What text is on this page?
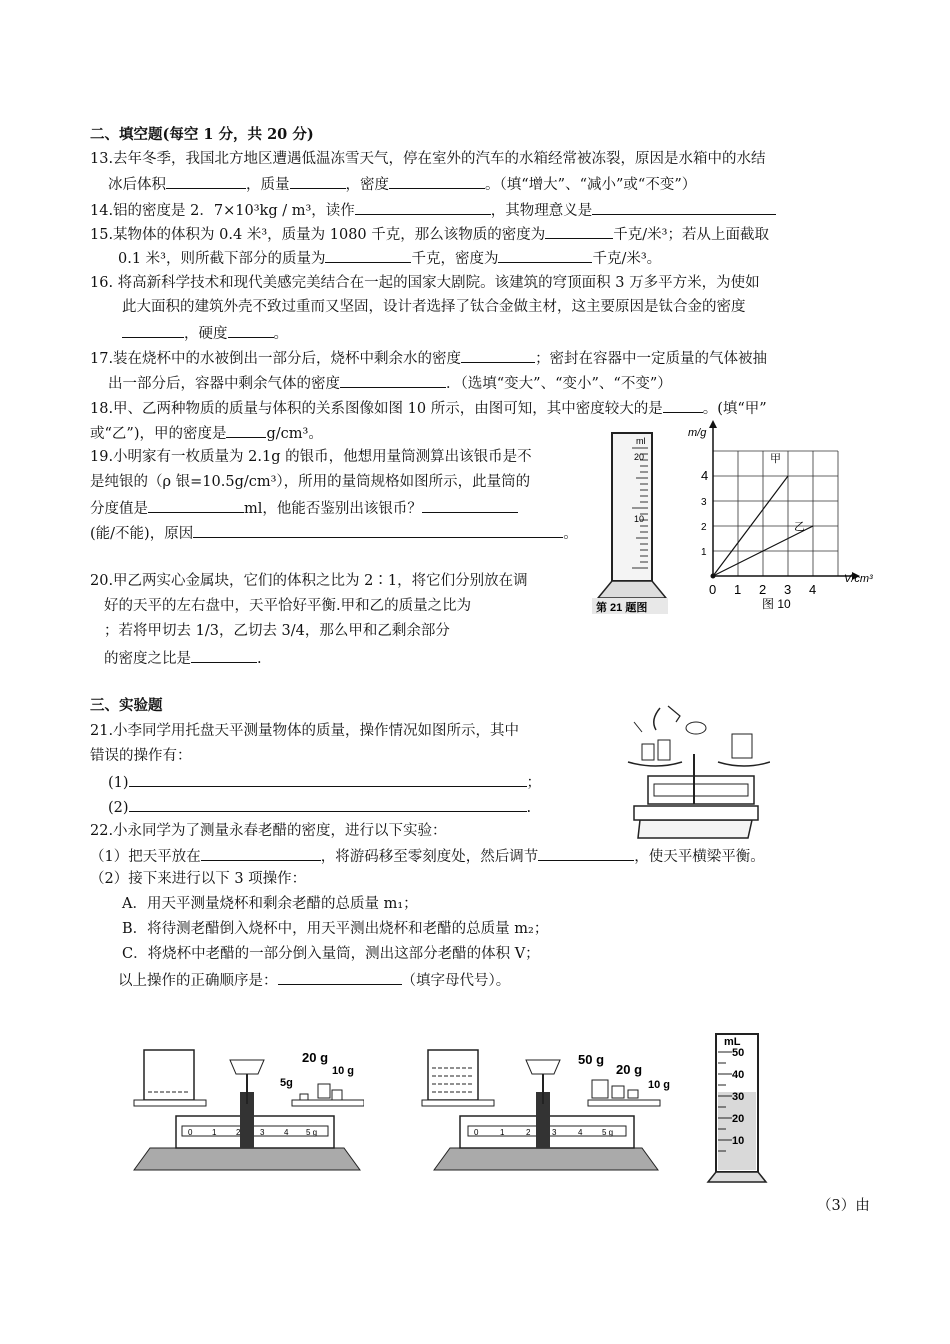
二、填空题(每空 1 分，共 20 分)
13.去年冬季，我国北方地区遭遇低温冻雪天气，停在室外的汽车的水箱经常被冻裂，原因是水箱中的水结
冰后体积	，质量	，密度	。（填“增大”、“减小”或“不变”）
14.铝的密度是 2．7×10³kg / m³，读作	，其物理意义是
15.某物体的体积为 0.4 米³，质量为 1080 千克，那么该物质的密度为	千克/米³；若从上面截取
0.1 米³，则所截下部分的质量为	千克，密度为	千克/米³。
16. 将高新科学技术和现代美感完美结合在一起的国家大剧院。该建筑的穹顶面积 3 万多平方米，为使如
此大面积的建筑外壳不致过重而又坚固，设计者选择了钛合金做主材，这主要原因是钛合金的密度
，硬度	。
17.装在烧杯中的水被倒出一部分后，烧杯中剩余水的密度	；密封在容器中一定质量的气体被抽
出一部分后，容器中剩余气体的密度	．（选填“变大”、“变小”、“不变”）
18.甲、乙两种物质的质量与体积的关系图像如图 10 所示，由图可知，其中密度较大的是	。(填“甲”
或“乙”)，甲的密度是	g/cm³。
19.小明家有一枚质量为 2.1g 的银币，他想用量筒测算出该银币是不
是纯银的（ρ 银=10.5g/cm³），所用的量筒规格如图所示，此量筒的
分度值是	ml，他能否鉴别出该银币？
(能/不能)，原因	。
20.甲乙两实心金属块，它们的体积之比为 2∶1，将它们分别放在调
好的天平的左右盘中，天平恰好平衡.甲和乙的质量之比为
；若将甲切去 1/3，乙切去 3/4，那么甲和乙剩余部分
的密度之比是	.
三、实验题
21.小李同学用托盘天平测量物体的质量，操作情况如图所示，其中
错误的操作有：
(1)	；
(2)	.
22.小永同学为了测量永春老醋的密度，进行以下实验：
（1）把天平放在	，将游码移至零刻度处，然后调节	，使天平横梁平衡。
（2）接下来进行以下 3 项操作：
A．用天平测量烧杯和剩余老醋的总质量 m₁；
B．将待测老醋倒入烧杯中，用天平测出烧杯和老醋的总质量 m₂；
C．将烧杯中老醋的一部分倒入量筒，测出这部分老醋的体积 V；
以上操作的正确顺序是：	（填字母代号）。
（3）由
ml
20
10
第 21 题图
0 1 2 3 4
1
2
3
4
m/g
V/cm³
甲
乙
图 10
0 1 2 3 4 5 g
20 g
5g
10 g
0	1	2	3	4 5 g
50 g
20 g
10 g
mL
50
40
30
20
10
